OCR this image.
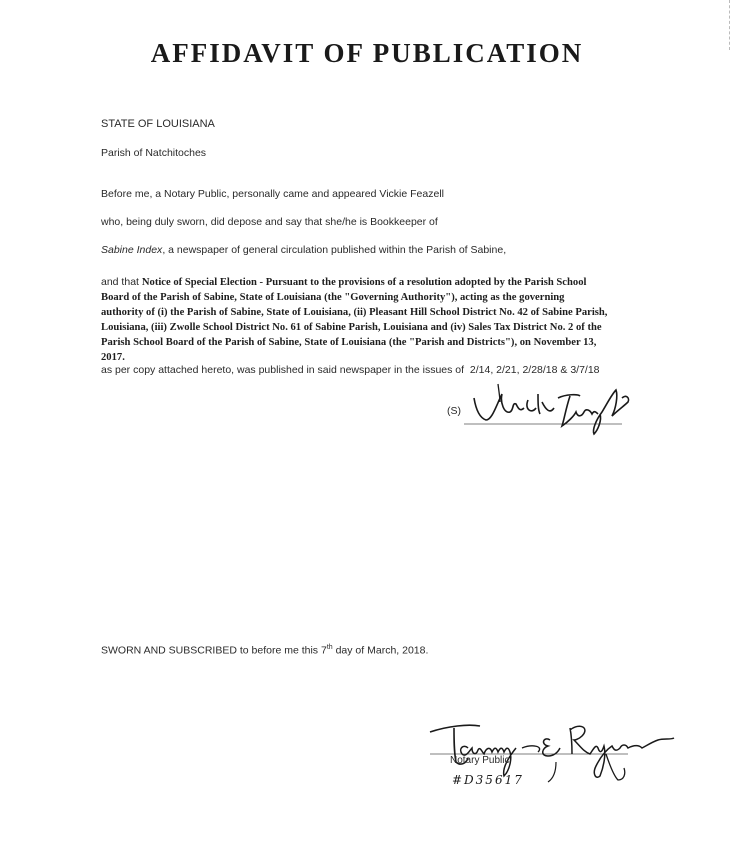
AFFIDAVIT OF PUBLICATION
STATE OF LOUISIANA
Parish of Natchitoches
Before me, a Notary Public, personally came and appeared Vickie Feazell
who, being duly sworn, did depose and say that she/he is Bookkeeper of
Sabine Index, a newspaper of general circulation published within the Parish of Sabine,
and that Notice of Special Election - Pursuant to the provisions of a resolution adopted by the Parish School
Board of the Parish of Sabine, State of Louisiana (the "Governing Authority"), acting as the governing
authority of (i) the Parish of Sabine, State of Louisiana, (ii) Pleasant Hill School District No. 42 of Sabine Parish,
Louisiana, (iii) Zwolle School District No. 61 of Sabine Parish, Louisiana and (iv) Sales Tax District No. 2 of the
Parish School Board of the Parish of Sabine, State of Louisiana (the "Parish and Districts"), on November 13,
2017.
as per copy attached hereto, was published in said newspaper in the issues of 2/14, 2/21, 2/28/18 & 3/7/18
(S)
SWORN AND SUBSCRIBED to before me this 7th day of March, 2018.
Notary Public
#D35617
